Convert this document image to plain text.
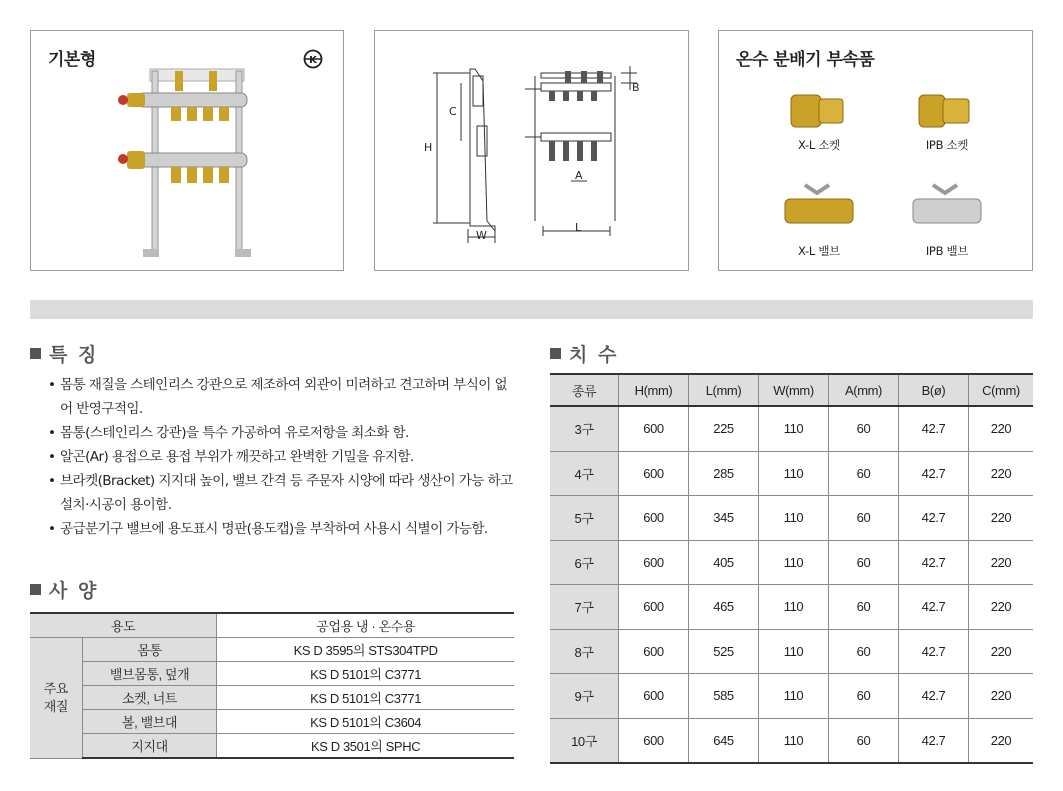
기본형	K
H
C
W
L
A
B
온수 분배기 부속품
X-L 소켓	IPB 소켓
X-L 밸브	IPB 밸브
특 징
• 몸통 재질을 스테인리스 강관으로 제조하여 외관이 미려하고 견고하며 부식이 없어 반영구적임.
• 몸통(스테인리스 강관)을 특수 가공하여 유로저항을 최소화 함.
• 알곤(Ar) 용접으로 용접 부위가 깨끗하고 완벽한 기밀을 유지함.
• 브라켓(Bracket) 지지대 높이, 밸브 간격 등 주문자 시양에 따라 생산이 가능 하고 설치·시공이 용이함.
• 공급분기구 밸브에 용도표시 명판(용도캡)을 부착하여 사용시 식별이 가능함.
사 양
용도		공업용 냉 · 온수용
주요 재질	몸통	KS D 3595의 STS304TPD
	밸브몸통, 덮개	KS D 5101의 C3771
	소켓, 너트	KS D 5101의 C3771
	볼, 밸브대	KS D 5101의 C3604
	지지대	KS D 3501의 SPHC
치 수
종류	H(mm)	L(mm)	W(mm)	A(mm)	B(ø)	C(mm)
3구	600	225	110	60	42.7	220
4구	600	285	110	60	42.7	220
5구	600	345	110	60	42.7	220
6구	600	405	110	60	42.7	220
7구	600	465	110	60	42.7	220
8구	600	525	110	60	42.7	220
9구	600	585	110	60	42.7	220
10구	600	645	110	60	42.7	220
